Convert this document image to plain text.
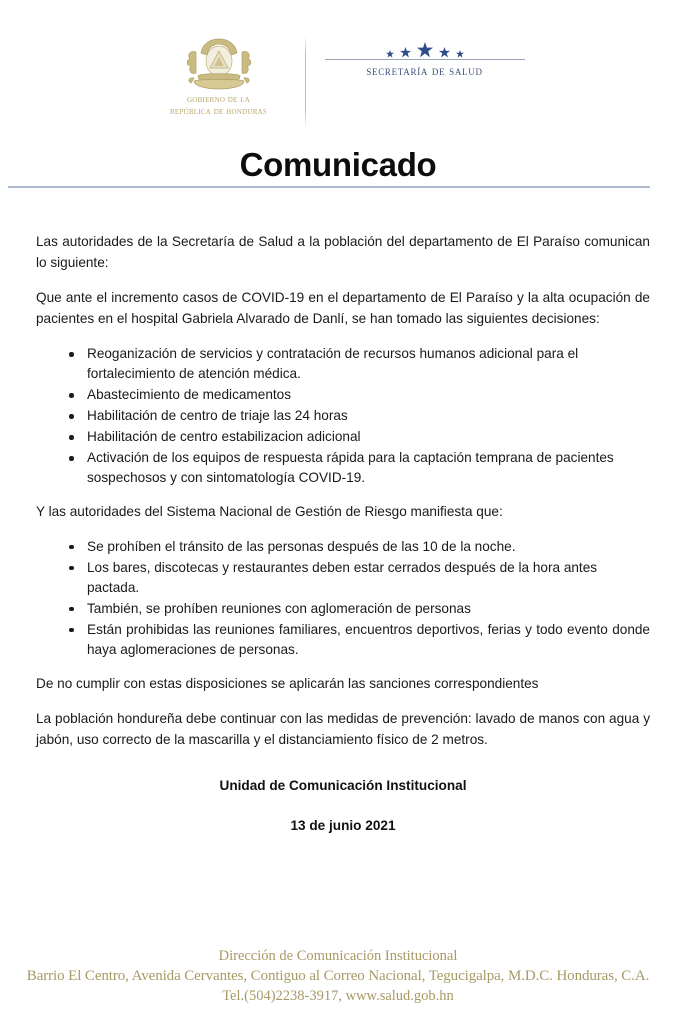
gobierno de la
república de honduras
secretaría de salud
Comunicado

Las autoridades de la Secretaría de Salud a la población del departamento de El Paraíso comunican lo siguiente:

Que ante el incremento casos de COVID-19 en el departamento de El Paraíso y la alta ocupación de pacientes en el hospital Gabriela Alvarado de Danlí, se han tomado las siguientes decisiones:

Reoganización de servicios y contratación de recursos humanos adicional para el fortalecimiento de atención médica.
Abastecimiento de medicamentos
Habilitación de centro de triaje las 24 horas
Habilitación de centro estabilizacion adicional
Activación de los equipos de respuesta rápida para la captación temprana de pacientes sospechosos y con sintomatología COVID-19.

Y las autoridades del Sistema Nacional de Gestión de Riesgo manifiesta que:

Se prohíben el tránsito de las personas después de las 10 de la noche.
Los bares, discotecas y restaurantes deben estar cerrados después de la hora antes pactada.
También, se prohíben reuniones con aglomeración de personas
Están prohibidas las reuniones familiares, encuentros deportivos, ferias y todo evento donde haya aglomeraciones de personas.

De no cumplir con estas disposiciones se aplicarán las sanciones correspondientes

La población hondureña debe continuar con las medidas de prevención: lavado de manos con agua y jabón, uso correcto de la mascarilla y el distanciamiento físico de 2 metros.

Unidad de Comunicación Institucional

13 de junio 2021

Dirección de Comunicación Institucional
Barrio El Centro, Avenida Cervantes, Contiguo al Correo Nacional, Tegucigalpa, M.D.C. Honduras, C.A.
Tel.(504)2238-3917, www.salud.gob.hn
